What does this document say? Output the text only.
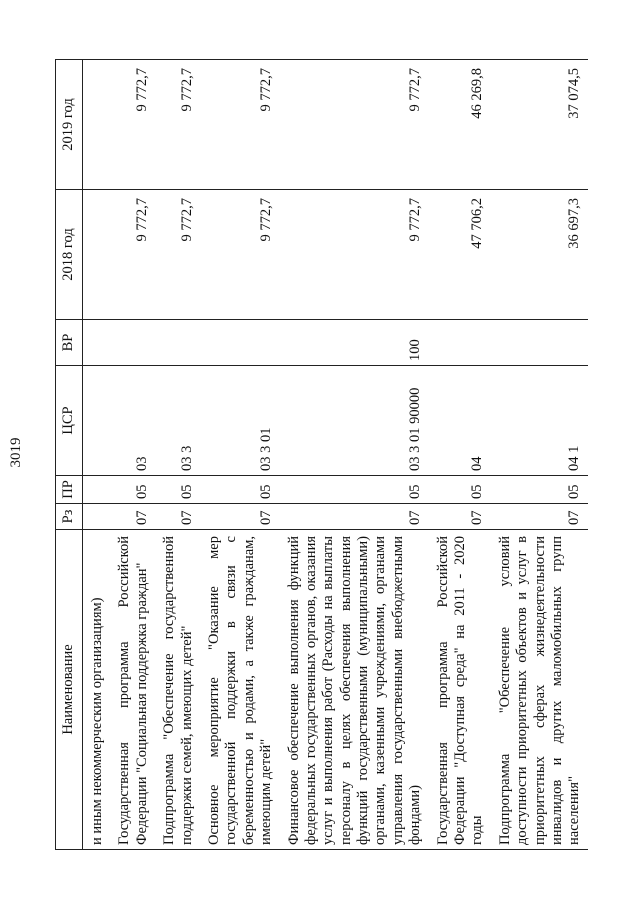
3019
Наименование	Рз	ПР	ЦСР	ВР	2018 год	2019 год
и иным некоммерческим организациям)						
Государственная программа Российской Федерации "Социальная поддержка граждан"	07	05	03		9 772,7	9 772,7
Подпрограмма "Обеспечение государственной поддержки семей, имеющих детей"	07	05	03 3		9 772,7	9 772,7
Основное мероприятие "Оказание мер государственной поддержки в связи с беременностью и родами, а также гражданам, имеющим детей"	07	05	03 3 01		9 772,7	9 772,7
Финансовое обеспечение выполнения функций федеральных государственных органов, оказания услуг и выполнения работ (Расходы на выплаты персоналу в целях обеспечения выполнения функций государственными (муниципальными) органами, казенными учреждениями, органами управления государственными внебюджетными фондами)	07	05	03 3 01 90000	100	9 772,7	9 772,7
Государственная программа Российской Федерации "Доступная среда" на 2011 - 2020 годы	07	05	04		47 706,2	46 269,8
Подпрограмма "Обеспечение условий доступности приоритетных объектов и услуг в приоритетных сферах жизнедеятельности инвалидов и других маломобильных групп населения"	07	05	04 1		36 697,3	37 074,5
